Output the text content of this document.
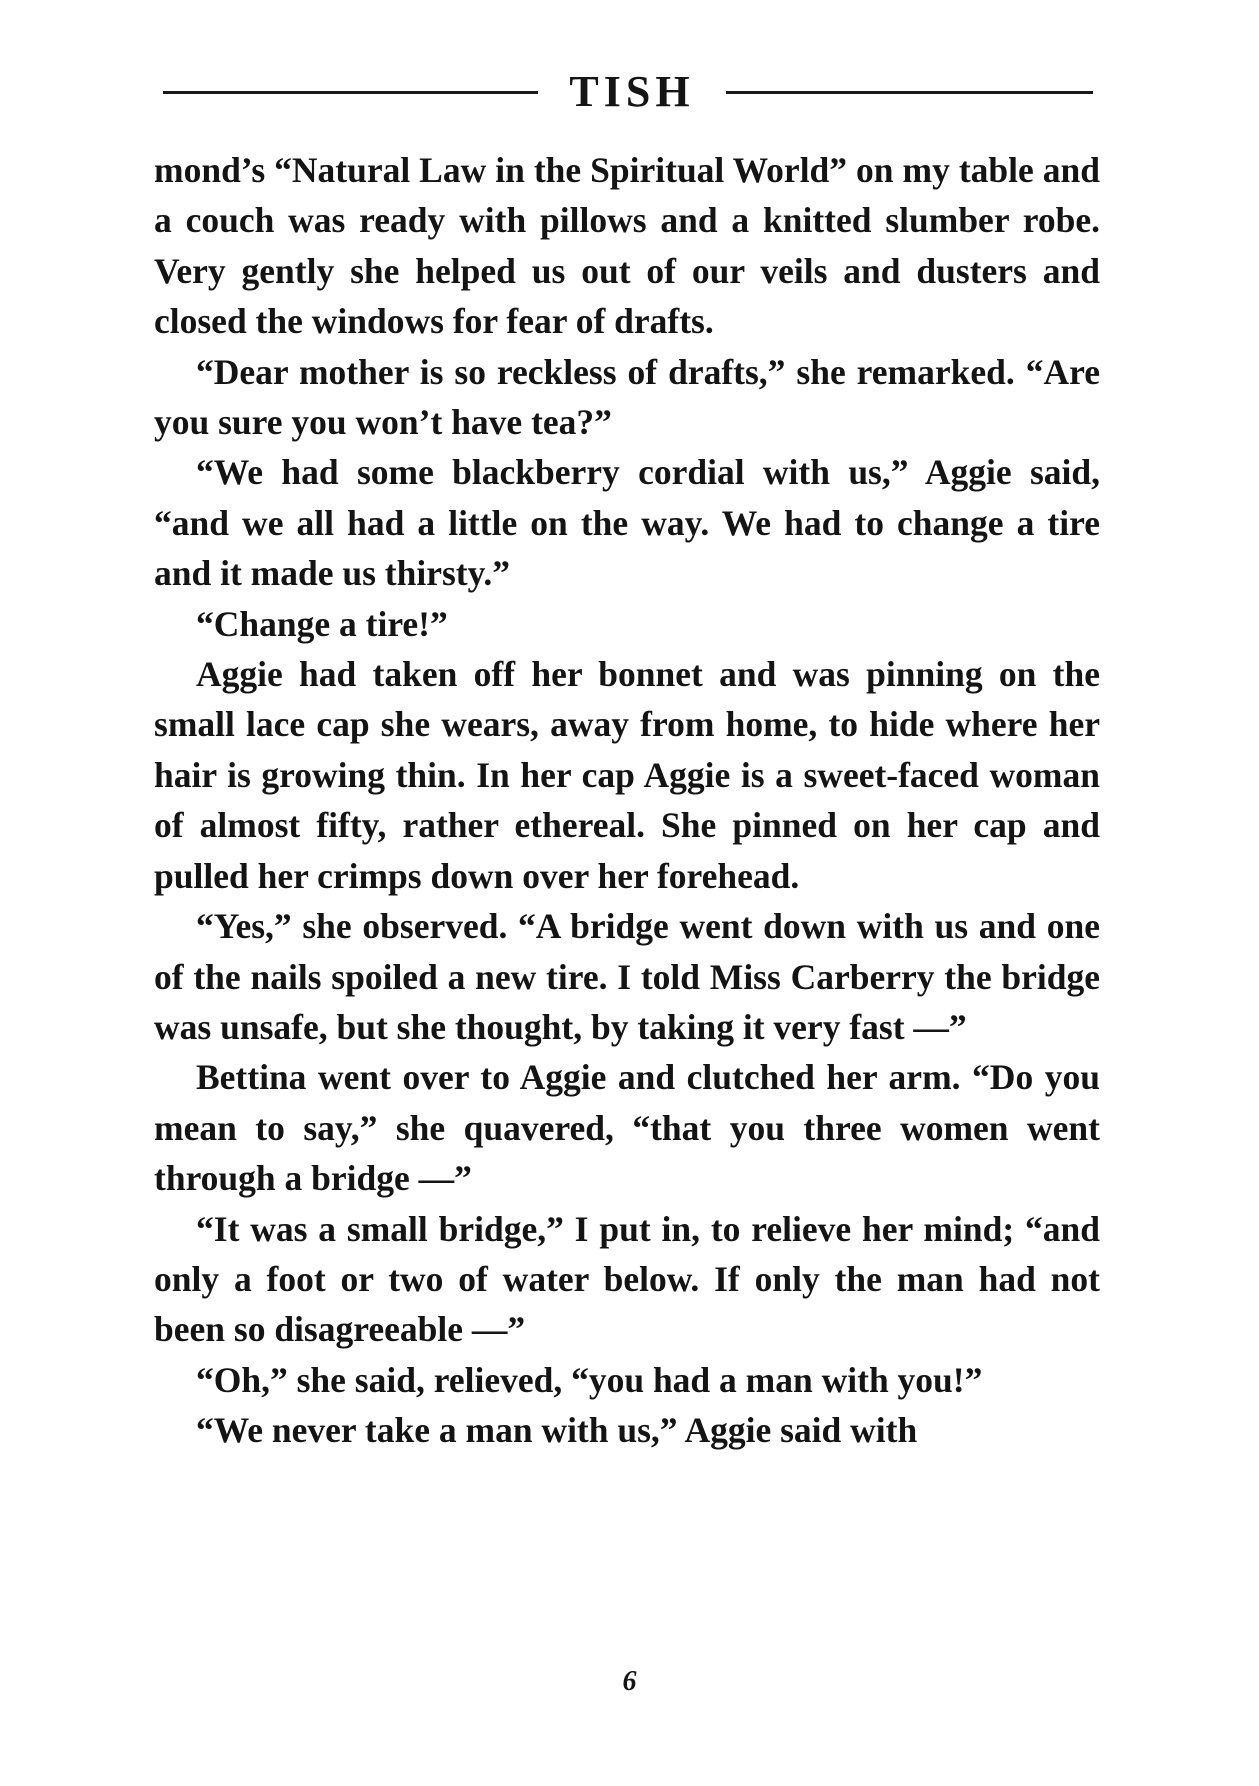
TISH

mond’s “Natural Law in the Spiritual World” on my table and a couch was ready with pillows and a knitted slumber robe. Very gently she helped us out of our veils and dusters and closed the windows for fear of drafts.

“Dear mother is so reckless of drafts,” she remarked. “Are you sure you won’t have tea?”

“We had some blackberry cordial with us,” Aggie said, “and we all had a little on the way. We had to change a tire and it made us thirsty.”

“Change a tire!”

Aggie had taken off her bonnet and was pinning on the small lace cap she wears, away from home, to hide where her hair is growing thin. In her cap Aggie is a sweet-faced woman of almost fifty, rather ethereal. She pinned on her cap and pulled her crimps down over her forehead.

“Yes,” she observed. “A bridge went down with us and one of the nails spoiled a new tire. I told Miss Carberry the bridge was unsafe, but she thought, by taking it very fast —”

Bettina went over to Aggie and clutched her arm. “Do you mean to say,” she quavered, “that you three women went through a bridge —”

“It was a small bridge,” I put in, to relieve her mind; “and only a foot or two of water below. If only the man had not been so disagreeable —”

“Oh,” she said, relieved, “you had a man with you!”

“We never take a man with us,” Aggie said with

6
